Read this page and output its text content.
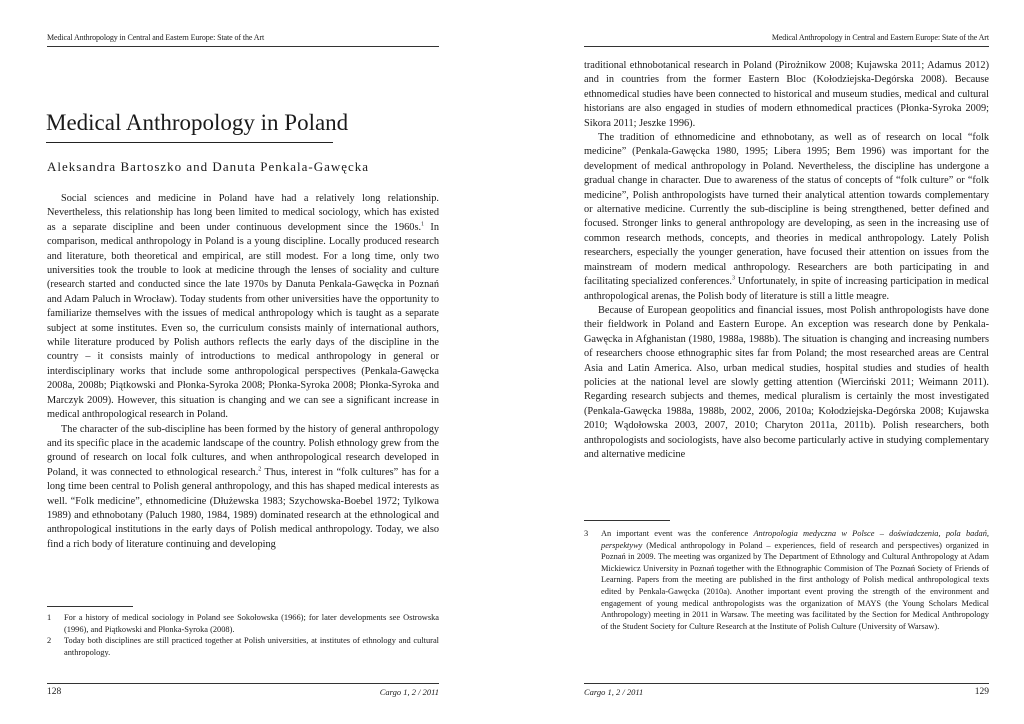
Medical Anthropology in Central and Eastern Europe: State of the Art
Medical Anthropology in Poland
Aleksandra Bartoszko and Danuta Penkala-Gawęcka

Social sciences and medicine in Poland have had a relatively long relationship. Nevertheless, this relationship has long been limited to medical sociology, which has existed as a separate discipline and been under continuous development since the 1960s.$^1$ In comparison, medical anthropology in Poland is a young discipline. Locally produced research and literature, both theoretical and empirical, are still modest. For a long time, only two universities took the trouble to look at medicine through the lenses of sociality and culture (research started and conducted since the late 1970s by Danuta Penkala-Gawęcka in Poznań and Adam Paluch in Wrocław). Today students from other universities have the opportunity to familiarize themselves with the issues of medical anthropology which is taught as a separate subject at some institutes. Even so, the curriculum consists mainly of international authors, while literature produced by Polish authors reflects the early days of the discipline in the country – it consists mainly of introductions to medical anthropology in general or interdisciplinary works that include some anthropological perspectives (Penkala-Gawęcka 2008a, 2008b; Piątkowski and Płonka-Syroka 2008; Płonka-Syroka 2008; Płonka-Syroka and Marczyk 2009). However, this situation is changing and we can see a significant increase in medical anthropological research in Poland.

The character of the sub-discipline has been formed by the history of general anthropology and its specific place in the academic landscape of the country. Polish ethnology grew from the ground of research on local folk cultures, and when anthropological research developed in Poland, it was connected to ethnological research.$^2$ Thus, interest in “folk cultures” has for a long time been central to Polish general anthropology, and this has shaped medical interests as well. “Folk medicine”, ethnomedicine (Dłużewska 1983; Szychowska-Boebel 1972; Tylkowa 1989) and ethnobotany (Paluch 1980, 1984, 1989) dominated research at the ethnological and anthropological institutions in the early days of Polish medical anthropology. Today, we also find a rich body of literature continuing and developing

1	For a history of medical sociology in Poland see Sokołowska (1966); for later developments see Ostrowska (1996), and Piątkowski and Płonka-Syroka (2008).
2	Today both disciplines are still practiced together at Polish universities, at institutes of ethnology and cultural anthropology.
128	Cargo 1, 2 / 2011
Medical Anthropology in Central and Eastern Europe: State of the Art

traditional ethnobotanical research in Poland (Pirożnikow 2008; Kujawska 2011; Adamus 2012) and in countries from the former Eastern Bloc (Kołodziejska-Degórska 2008). Because ethnomedical studies have been connected to historical and museum studies, medical and cultural historians are also engaged in studies of modern ethnomedical practices (Płonka-Syroka 2009; Sikora 2011; Jeszke 1996).

The tradition of ethnomedicine and ethnobotany, as well as of research on local “folk medicine” (Penkala-Gawęcka 1980, 1995; Libera 1995; Bem 1996) was important for the development of medical anthropology in Poland. Nevertheless, the discipline has undergone a gradual change in character. Due to awareness of the status of concepts of “folk culture” or “folk medicine”, Polish anthropologists have turned their analytical attention towards complementary or alternative medicine. Currently the sub-discipline is being strengthened, better defined and focused. Stronger links to general anthropology are developing, as seen in the increasing use of common research methods, concepts, and theories in medical anthropology. Lately Polish researchers, especially the younger generation, have focused their attention on issues from the mainstream of modern medical anthropology. Researchers are both participating in and facilitating specialized conferences.$^3$ Unfortunately, in spite of increasing participation in medical anthropological arenas, the Polish body of literature is still a little meagre.

Because of European geopolitics and financial issues, most Polish anthropologists have done their fieldwork in Poland and Eastern Europe. An exception was research done by Penkala-Gawęcka in Afghanistan (1980, 1988a, 1988b). The situation is changing and increasing numbers of researchers choose ethnographic sites far from Poland; the most researched areas are Central Asia and Latin America. Also, urban medical studies, hospital studies and studies of health policies at the national level are slowly getting attention (Wierciński 2011; Weimann 2011). Regarding research subjects and themes, medical pluralism is certainly the most investigated (Penkala-Gawęcka 1988a, 1988b, 2002, 2006, 2010a; Kołodziejska-Degórska 2008; Kujawska 2010; Wądołowska 2003, 2007, 2010; Charyton 2011a, 2011b). Polish researchers, both anthropologists and sociologists, have also become particularly active in studying complementary and alternative medicine

3	An important event was the conference Antropologia medyczna w Polsce – doświadczenia, pola badań, perspektywy (Medical anthropology in Poland – experiences, field of research and perspectives) organized in Poznań in 2009. The meeting was organized by The Department of Ethnology and Cultural Anthropology at Adam Mickiewicz University in Poznań together with the Ethnographic Commision of The Poznań Society of Friends of Learning. Papers from the meeting are published in the first anthology of Polish medical anthropological texts edited by Penkala-Gawęcka (2010a). Another important event proving the strength of the environment and engagement of young medical anthropologists was the organization of MAYS (the Young Scholars Medical Anthropology) meeting in 2011 in Warsaw. The meeting was facilitated by the Section for Medical Anthropology of the Student Society for Culture Research at the Institute of Polish Culture (University of Warsaw).
Cargo 1, 2 / 2011	129
